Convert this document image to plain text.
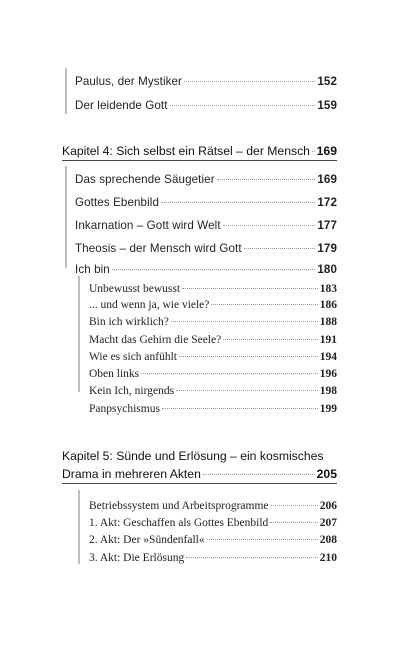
Paulus, der Mystiker	152
Der leidende Gott	159
Kapitel 4: Sich selbst ein Rätsel – der Mensch 169
Das sprechende Säugetier	169
Gottes Ebenbild	172
Inkarnation – Gott wird Welt	177
Theosis – der Mensch wird Gott	179
Ich bin	180
Unbewusst bewusst	183
... und wenn ja, wie viele?	186
Bin ich wirklich?	188
Macht das Gehirn die Seele?	191
Wie es sich anfühlt	194
Oben links	196
Kein Ich, nirgends	198
Panpsychismus	199
Kapitel 5: Sünde und Erlösung – ein kosmisches
Drama in mehreren Akten	205
Betriebssystem und Arbeitsprogramme	206
1. Akt: Geschaffen als Gottes Ebenbild	207
2. Akt: Der »Sündenfall«	208
3. Akt: Die Erlösung	210
